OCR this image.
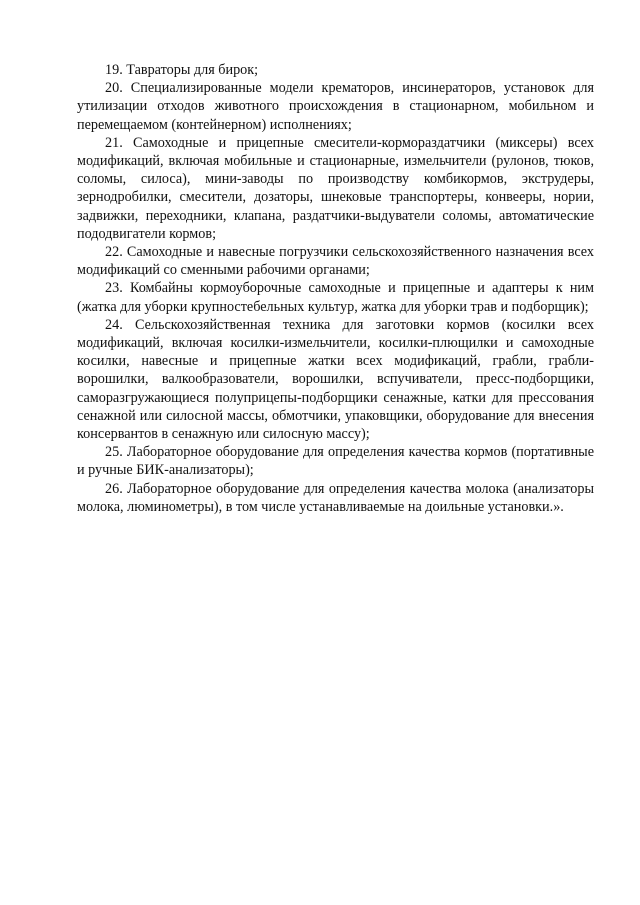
19. Тавраторы для бирок;

20. Специализированные модели крематоров, инсинераторов, установок для утилизации отходов животного происхождения в стационарном, мобильном и перемещаемом (контейнерном) исполнениях;

21. Самоходные и прицепные смесители-кормораздатчики (миксеры) всех модификаций, включая мобильные и стационарные, измельчители (рулонов, тюков, соломы, силоса), мини-заводы по производству комбикормов, экструдеры, зернодробилки, смесители, дозаторы, шнековые транспортеры, конвееры, нории, задвижки, переходники, клапана, раздатчики-выдуватели соломы, автоматические пододвигатели кормов;

22. Самоходные и навесные погрузчики сельскохозяйственного назначения всех модификаций со сменными рабочими органами;

23. Комбайны кормоуборочные самоходные и прицепные и адаптеры к ним (жатка для уборки крупностебельных культур, жатка для уборки трав и подборщик);

24. Сельскохозяйственная техника для заготовки кормов (косилки всех модификаций, включая косилки-измельчители, косилки-плющилки и самоходные косилки, навесные и прицепные жатки всех модификаций, грабли, грабли-ворошилки, валкообразователи, ворошилки, вспучиватели, пресс-подборщики, саморазгружающиеся полуприцепы-подборщики сенажные, катки для прессования сенажной или силосной массы, обмотчики, упаковщики, оборудование для внесения консервантов в сенажную или силосную массу);

25. Лабораторное оборудование для определения качества кормов (портативные и ручные БИК-анализаторы);

26. Лабораторное оборудование для определения качества молока (анализаторы молока, люминометры), в том числе устанавливаемые на доильные установки.».
